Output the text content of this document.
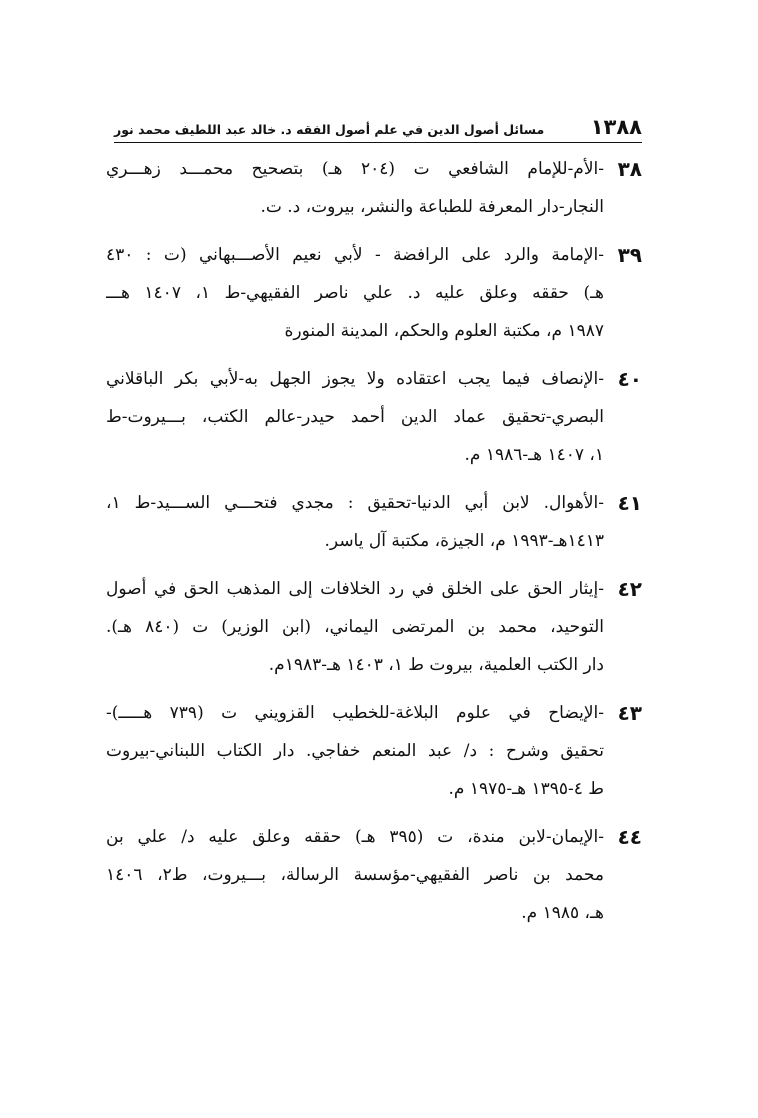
١٣٨٨
مسائل أصول الدين في علم أصول الفقه د. خالد عبد اللطيف محمد نور
٣٨
-الأم-للإمام الشافعي ت (٢٠٤ هـ) بتصحيح محمـــد زهـــري
النجار-دار المعرفة للطباعة والنشر، بيروت، د. ت.
٣٩
-الإمامة والرد على الرافضة - لأبي نعيم الأصـــبهاني (ت : ٤٣٠
هـ) حققه وعلق عليه د. علي ناصر الفقيهي-ط ١، ١٤٠٧ هـــ
١٩٨٧ م، مكتبة العلوم والحكم، المدينة المنورة
٤٠
-الإنصاف فيما يجب اعتقاده ولا يجوز الجهل به-لأبي بكر الباقلاني
البصري-تحقيق عماد الدين أحمد حيدر-عالم الكتب، بـــيروت-ط
١، ١٤٠٧ هـ-١٩٨٦ م.
٤١
-الأهوال. لابن أبي الدنيا-تحقيق : مجدي فتحـــي الســـيد-ط ١،
١٤١٣هـ-١٩٩٣ م، الجيزة، مكتبة آل ياسر.
٤٢
-إيثار الحق على الخلق في رد الخلافات إلى المذهب الحق في أصول
التوحيد، محمد بن المرتضى اليماني، (ابن الوزير) ت (٨٤٠ هـ).
دار الكتب العلمية، بيروت ط ١، ١٤٠٣ هـ-١٩٨٣م.
٤٣
-الإيضاح في علوم البلاغة-للخطيب القزويني ت (٧٣٩ هـــــ)-
تحقيق وشرح : د/ عبد المنعم خفاجي. دار الكتاب اللبناني-بيروت
ط ٤-١٣٩٥ هـ-١٩٧٥ م.
٤٤
-الإيمان-لابن مندة، ت (٣٩٥ هـ) حققه وعلق عليه د/ علي بن
محمد بن ناصر الفقيهي-مؤسسة الرسالة، بـــيروت، ط٢، ١٤٠٦
هـ، ١٩٨٥ م.
